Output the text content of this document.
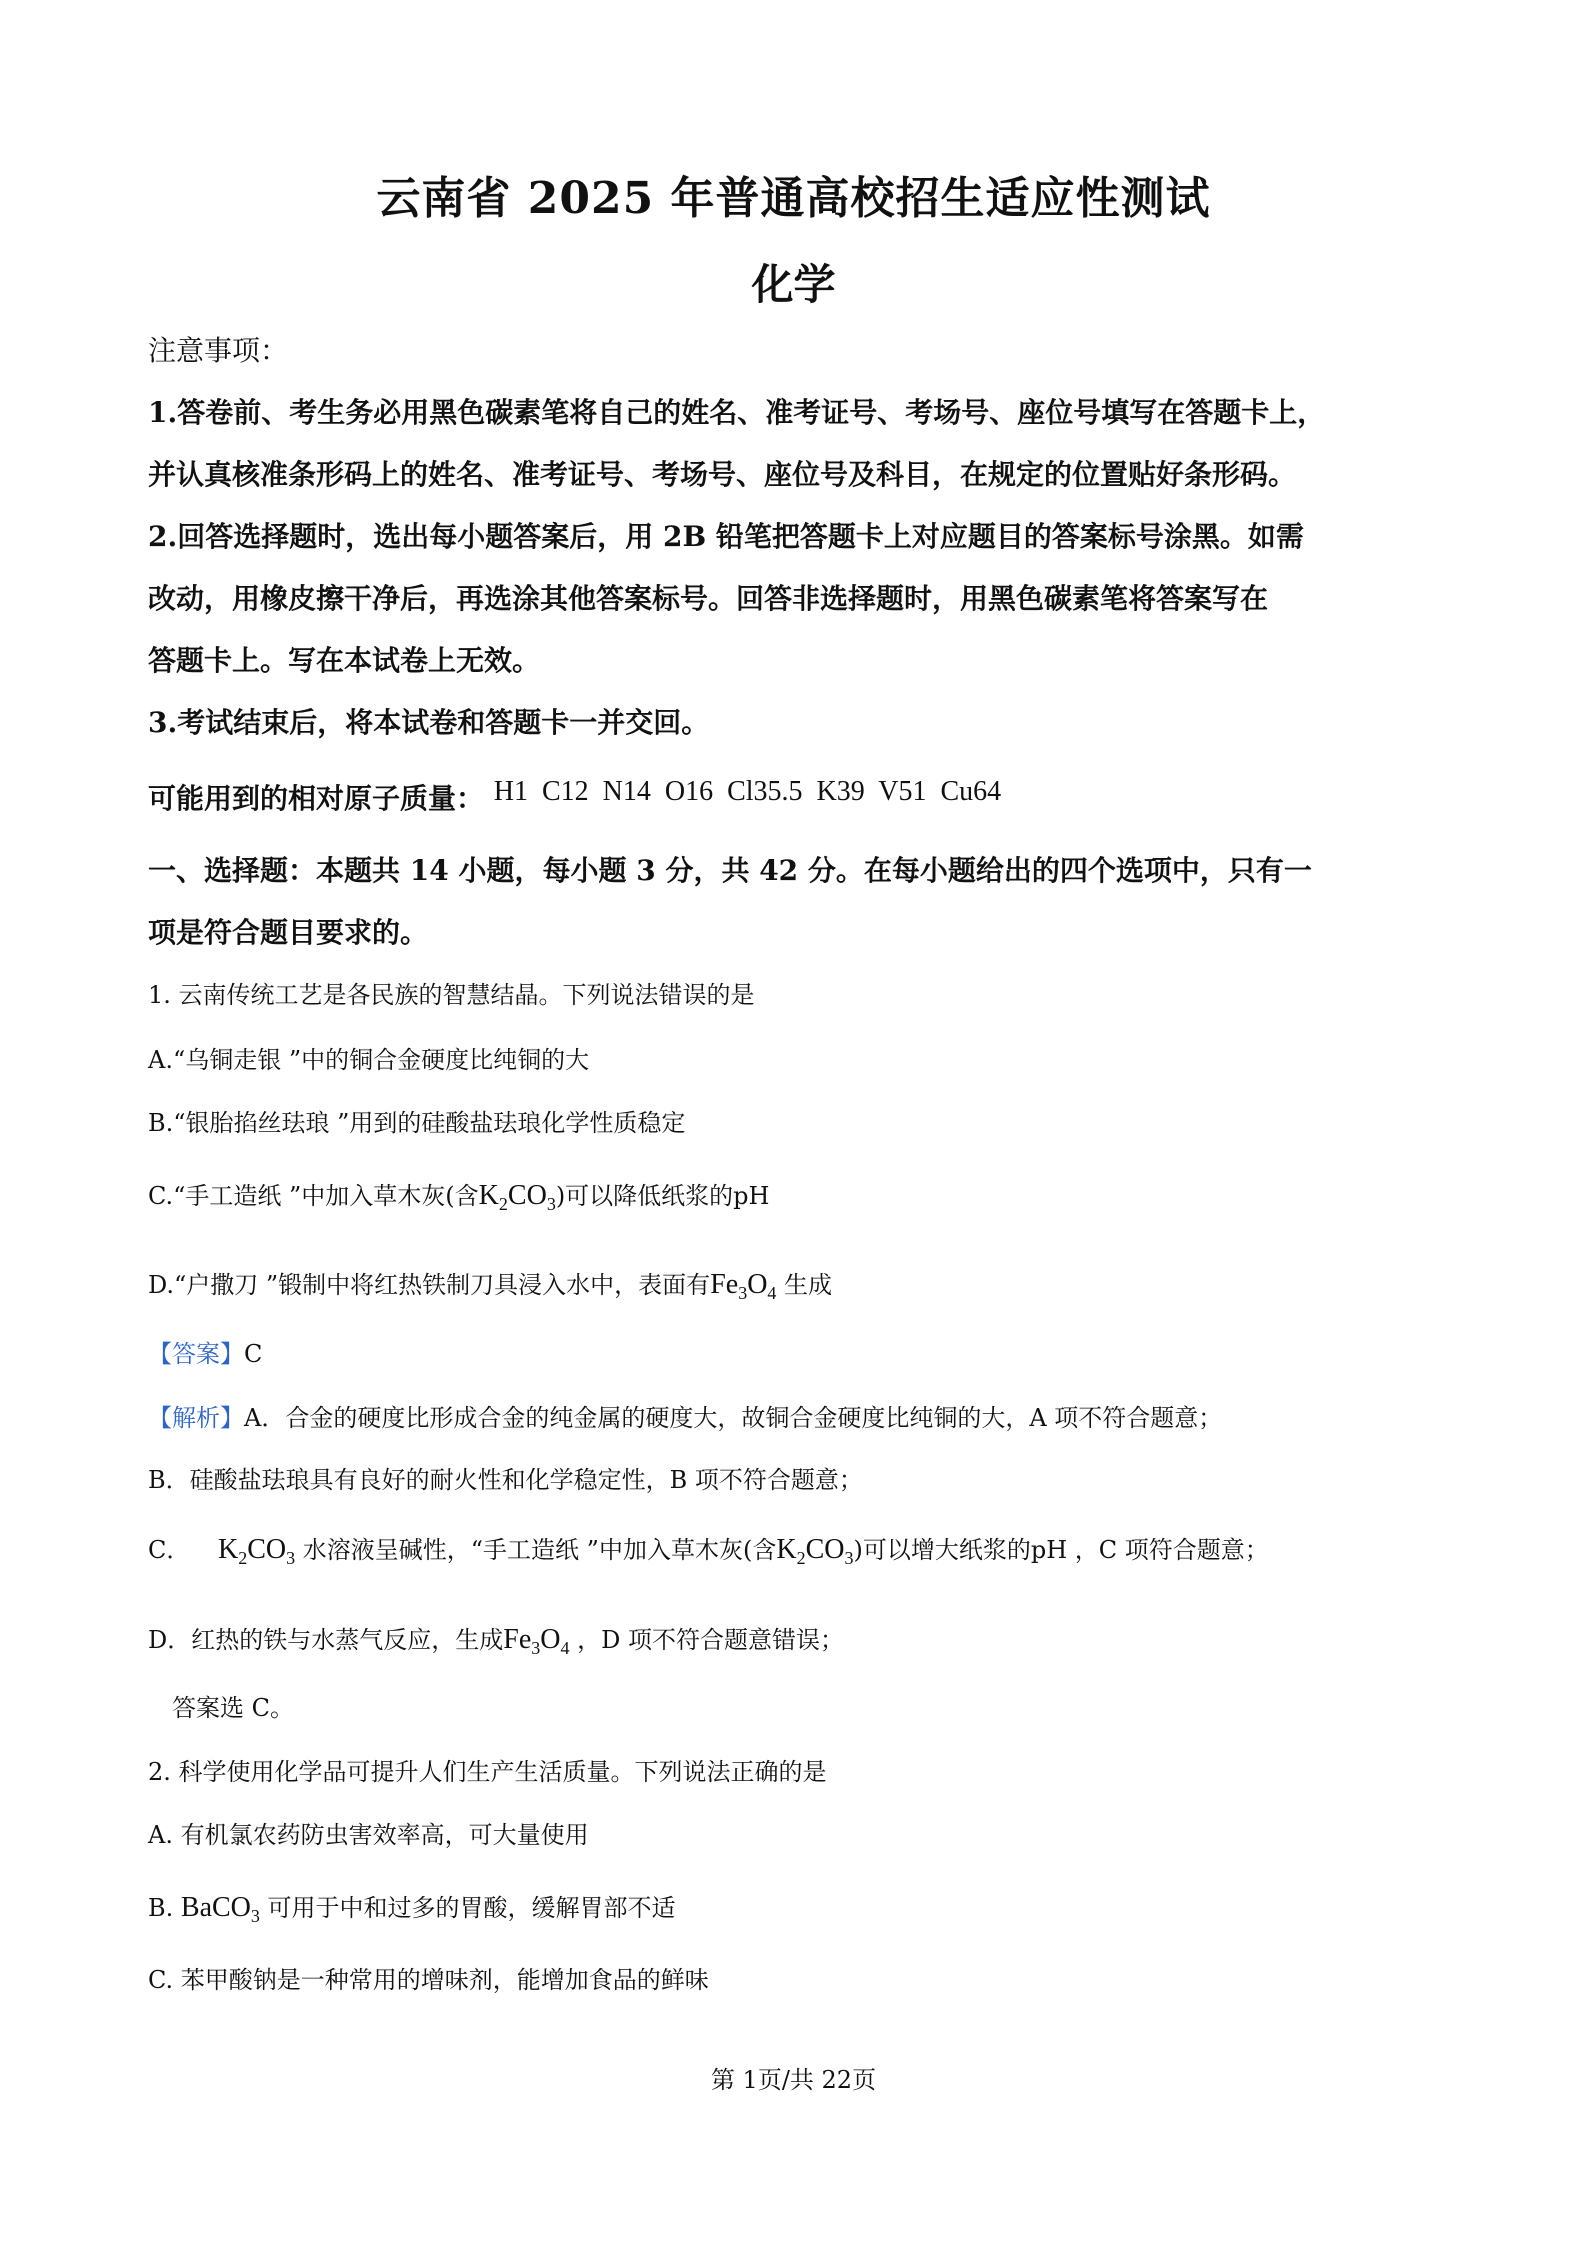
云南省 2025 年普通高校招生适应性测试
化学
注意事项：
1.答卷前、考生务必用黑色碳素笔将自己的姓名、准考证号、考场号、座位号填写在答题卡上，
并认真核准条形码上的姓名、准考证号、考场号、座位号及科目，在规定的位置贴好条形码。
2.回答选择题时，选出每小题答案后，用 2B 铅笔把答题卡上对应题目的答案标号涂黑。如需
改动，用橡皮擦干净后，再选涂其他答案标号。回答非选择题时，用黑色碳素笔将答案写在
答题卡上。写在本试卷上无效。
3.考试结束后，将本试卷和答题卡一并交回。
可能用到的相对原子质量： H1  C12  N14  O16  Cl35.5  K39  V51  Cu64
一、选择题：本题共 14 小题，每小题 3 分，共 42 分。在每小题给出的四个选项中，只有一
项是符合题目要求的。
1. 云南传统工艺是各民族的智慧结晶。下列说法错误的是
A.“乌铜走银 ”中的铜合金硬度比纯铜的大
B.“银胎掐丝珐琅 ”用到的硅酸盐珐琅化学性质稳定
C.“手工造纸 ”中加入草木灰(含$K_2CO_3$)可以降低纸浆的pH
D.“户撒刀 ”锻制中将红热铁制刀具浸入水中，表面有$Fe_3O_4$ 生成
【答案】C
【解析】A．合金的硬度比形成合金的纯金属的硬度大，故铜合金硬度比纯铜的大，A 项不符合题意；
B．硅酸盐珐琅具有良好的耐火性和化学稳定性，B 项不符合题意；
C． $K_2CO_3$ 水溶液呈碱性，“手工造纸 ”中加入草木灰(含$K_2CO_3$)可以增大纸浆的pH ，C 项符合题意；
D．红热的铁与水蒸气反应，生成$Fe_3O_4$ ，D 项不符合题意错误；
答案选 C。
2. 科学使用化学品可提升人们生产生活质量。下列说法正确的是
A. 有机氯农药防虫害效率高，可大量使用
B. BaCO$_3$ 可用于中和过多的胃酸，缓解胃部不适
C. 苯甲酸钠是一种常用的增味剂，能增加食品的鲜味
第 1页/共 22页
